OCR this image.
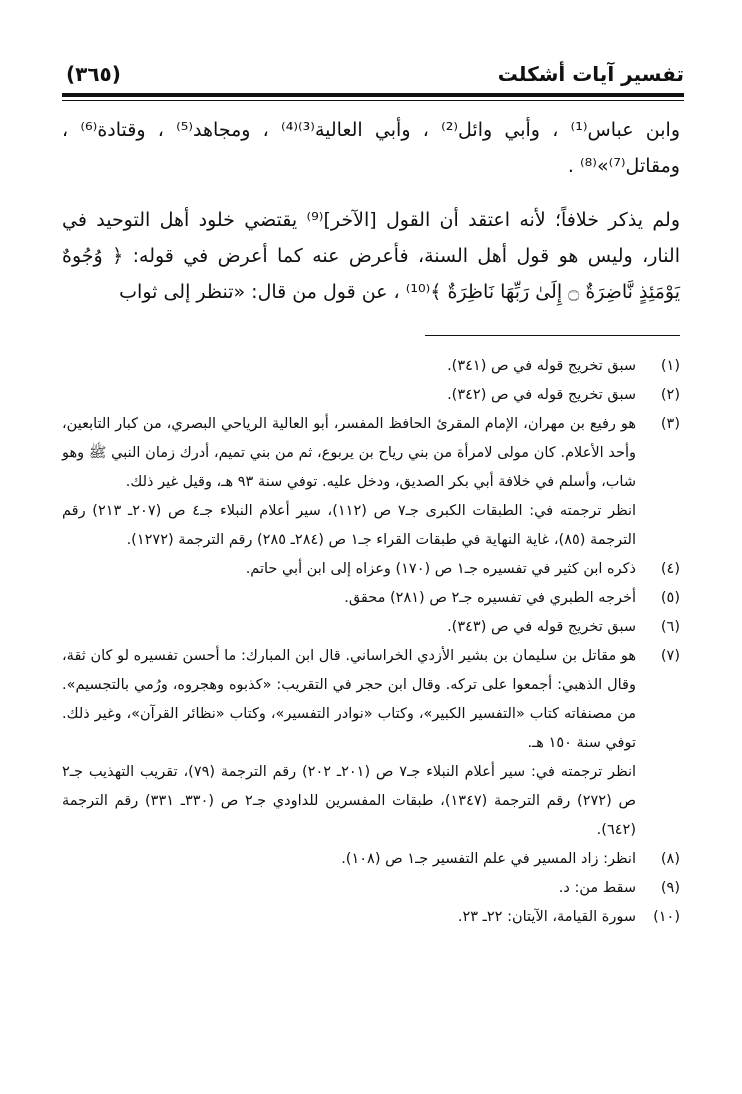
تفسير آيات أشكلت
(٣٦٥)

وابن عباس⁽¹⁾ ، وأبي وائل⁽²⁾ ، وأبي العالية⁽³⁾⁽⁴⁾ ، ومجاهد⁽⁵⁾ ، وقتادة⁽⁶⁾ ، ومقاتل⁽⁷⁾»⁽⁸⁾ .

ولم يذكر خلافاً؛ لأنه اعتقد أن القول [الآخر]⁽⁹⁾ يقتضي خلود أهل التوحيد في النار، وليس هو قول أهل السنة، فأعرض عنه كما أعرض في قوله: ﴿ وُجُوهٌ يَوْمَئِذٍ نَّاضِرَةٌ ۝ إِلَىٰ رَبِّهَا نَاظِرَةٌ ﴾⁽¹⁰⁾ ، عن قول من قال: «تنظر إلى ثواب

(١)
سبق تخريج قوله في ص (٣٤١).
(٢)
سبق تخريج قوله في ص (٣٤٢).
(٣)
هو رفيع بن مهران، الإمام المقرئ الحافظ المفسر، أبو العالية الرياحي البصري، من كبار التابعين، وأحد الأعلام. كان مولى لامرأة من بني رياح بن يربوع، ثم من بني تميم، أدرك زمان النبي ﷺ وهو شاب، وأسلم في خلافة أبي بكر الصديق، ودخل عليه. توفي سنة ٩٣ هـ، وقيل غير ذلك.
انظر ترجمته في: الطبقات الكبرى جـ٧ ص (١١٢)، سير أعلام النبلاء جـ٤ ص (٢٠٧ـ ٢١٣) رقم الترجمة (٨٥)، غاية النهاية في طبقات القراء جـ١ ص (٢٨٤ـ ٢٨٥) رقم الترجمة (١٢٧٢).
(٤)
ذكره ابن كثير في تفسيره جـ١ ص (١٧٠) وعزاه إلى ابن أبي حاتم.
(٥)
أخرجه الطبري في تفسيره جـ٢ ص (٢٨١) محقق.
(٦)
سبق تخريج قوله في ص (٣٤٣).
(٧)
هو مقاتل بن سليمان بن بشير الأزدي الخراساني. قال ابن المبارك: ما أحسن تفسيره لو كان ثقة، وقال الذهبي: أجمعوا على تركه. وقال ابن حجر في التقريب: «كذبوه وهجروه، ورُمي بالتجسيم». من مصنفاته كتاب «التفسير الكبير»، وكتاب «نوادر التفسير»، وكتاب «نظائر القرآن»، وغير ذلك. توفي سنة ١٥٠ هـ.
انظر ترجمته في: سير أعلام النبلاء جـ٧ ص (٢٠١ـ ٢٠٢) رقم الترجمة (٧٩)، تقريب التهذيب جـ٢ ص (٢٧٢) رقم الترجمة (١٣٤٧)، طبقات المفسرين للداودي جـ٢ ص (٣٣٠ـ ٣٣١) رقم الترجمة (٦٤٢).
(٨)
انظر: زاد المسير في علم التفسير جـ١ ص (١٠٨).
(٩)
سقط من: د.
(١٠)
سورة القيامة، الآيتان: ٢٢ـ ٢٣.
